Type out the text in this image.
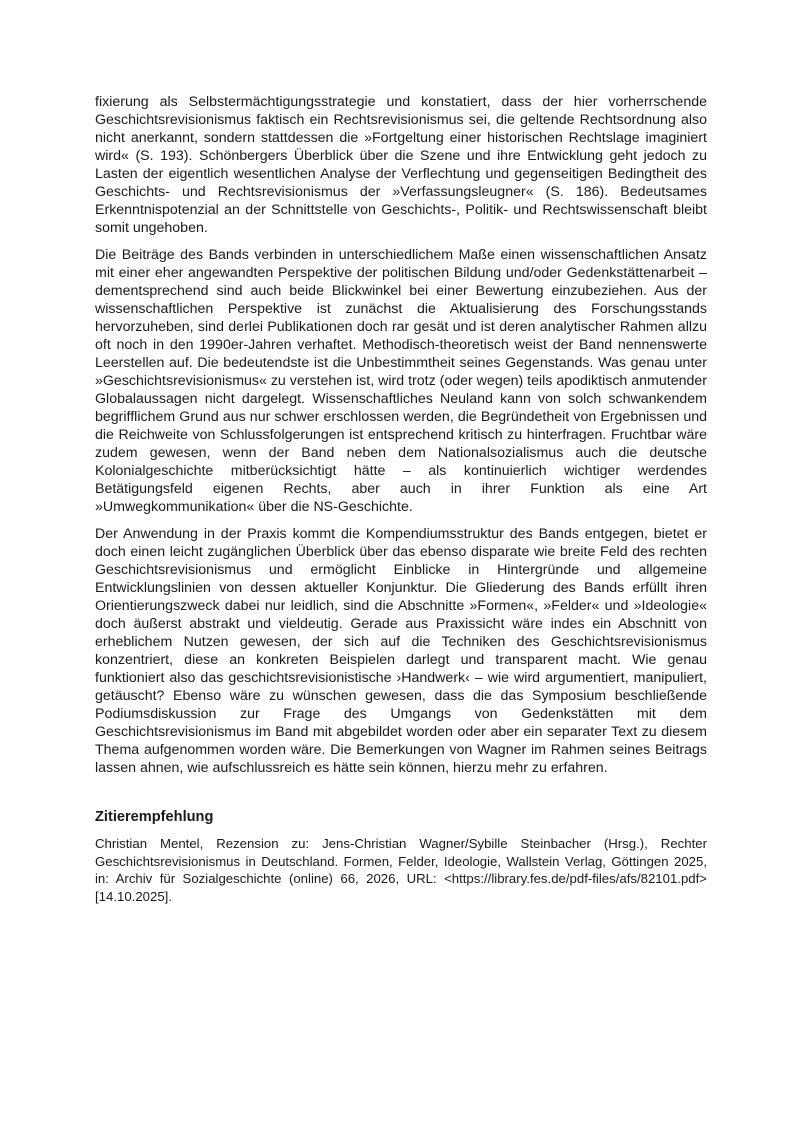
fixierung als Selbstermächtigungsstrategie und konstatiert, dass der hier vorherrschende Geschichtsrevisionismus faktisch ein Rechtsrevisionismus sei, die geltende Rechtsordnung also nicht anerkannt, sondern stattdessen die »Fortgeltung einer historischen Rechtslage imaginiert wird« (S. 193). Schönbergers Überblick über die Szene und ihre Entwicklung geht jedoch zu Lasten der eigentlich wesentlichen Analyse der Verflechtung und gegenseitigen Bedingtheit des Geschichts- und Rechtsrevisionismus der »Verfassungsleugner« (S. 186). Bedeutsames Erkenntnispotenzial an der Schnittstelle von Geschichts-, Politik- und Rechtswissenschaft bleibt somit ungehoben.

Die Beiträge des Bands verbinden in unterschiedlichem Maße einen wissenschaftlichen Ansatz mit einer eher angewandten Perspektive der politischen Bildung und/oder Gedenkstättenarbeit – dementsprechend sind auch beide Blickwinkel bei einer Bewertung einzubeziehen. Aus der wissenschaftlichen Perspektive ist zunächst die Aktualisierung des Forschungsstands hervorzuheben, sind derlei Publikationen doch rar gesät und ist deren analytischer Rahmen allzu oft noch in den 1990er-Jahren verhaftet. Methodisch-theoretisch weist der Band nennenswerte Leerstellen auf. Die bedeutendste ist die Unbestimmtheit seines Gegenstands. Was genau unter »Geschichtsrevisionismus« zu verstehen ist, wird trotz (oder wegen) teils apodiktisch anmutender Globalaussagen nicht dargelegt. Wissenschaftliches Neuland kann von solch schwankendem begrifflichem Grund aus nur schwer erschlossen werden, die Begründetheit von Ergebnissen und die Reichweite von Schlussfolgerungen ist entsprechend kritisch zu hinterfragen. Fruchtbar wäre zudem gewesen, wenn der Band neben dem Nationalsozialismus auch die deutsche Kolonialgeschichte mitberücksichtigt hätte – als kontinuierlich wichtiger werdendes Betätigungsfeld eigenen Rechts, aber auch in ihrer Funktion als eine Art »Umwegkommunikation« über die NS-Geschichte.

Der Anwendung in der Praxis kommt die Kompendiumsstruktur des Bands entgegen, bietet er doch einen leicht zugänglichen Überblick über das ebenso disparate wie breite Feld des rechten Geschichtsrevisionismus und ermöglicht Einblicke in Hintergründe und allgemeine Entwicklungslinien von dessen aktueller Konjunktur. Die Gliederung des Bands erfüllt ihren Orientierungszweck dabei nur leidlich, sind die Abschnitte »Formen«, »Felder« und »Ideologie« doch äußerst abstrakt und vieldeutig. Gerade aus Praxissicht wäre indes ein Abschnitt von erheblichem Nutzen gewesen, der sich auf die Techniken des Geschichtsrevisionismus konzentriert, diese an konkreten Beispielen darlegt und transparent macht. Wie genau funktioniert also das geschichtsrevisionistische ›Handwerk‹ – wie wird argumentiert, manipuliert, getäuscht? Ebenso wäre zu wünschen gewesen, dass die das Symposium beschließende Podiumsdiskussion zur Frage des Umgangs von Gedenkstätten mit dem Geschichtsrevisionismus im Band mit abgebildet worden oder aber ein separater Text zu diesem Thema aufgenommen worden wäre. Die Bemerkungen von Wagner im Rahmen seines Beitrags lassen ahnen, wie aufschlussreich es hätte sein können, hierzu mehr zu erfahren.

Zitierempfehlung

Christian Mentel, Rezension zu: Jens-Christian Wagner/Sybille Steinbacher (Hrsg.), Rechter Geschichtsrevisionismus in Deutschland. Formen, Felder, Ideologie, Wallstein Verlag, Göttingen 2025, in: Archiv für Sozialgeschichte (online) 66, 2026, URL: <https://library.fes.de/pdf-files/afs/82101.pdf> [14.10.2025].
